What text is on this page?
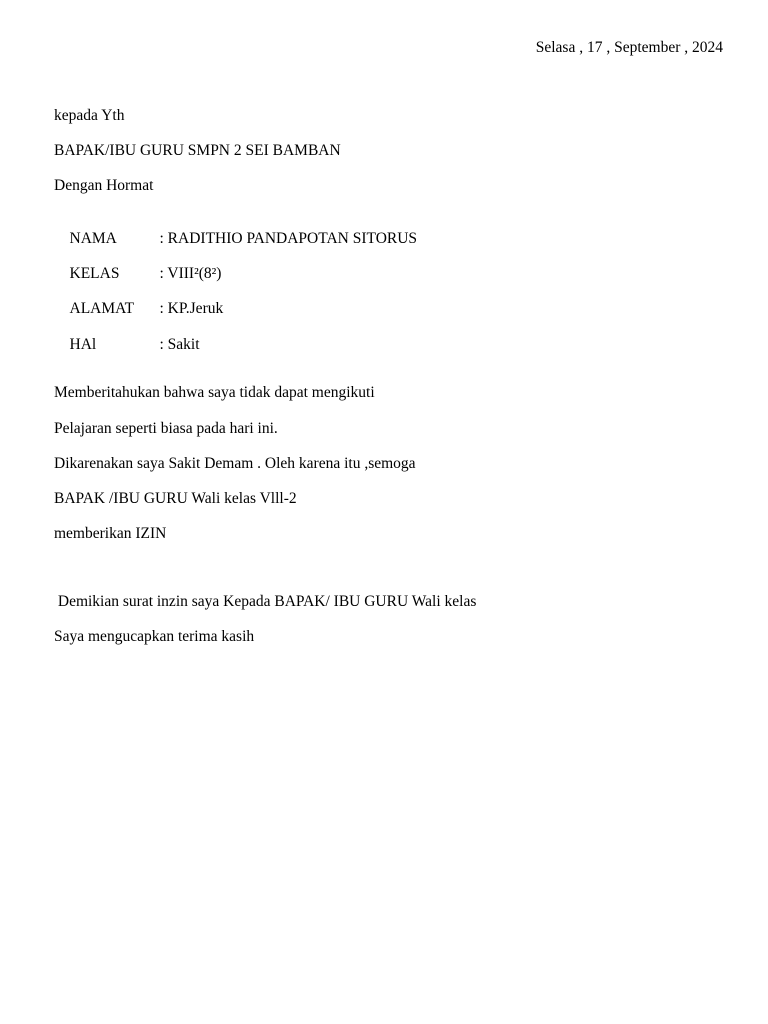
Selasa , 17 , September , 2024
kepada Yth
BAPAK/IBU GURU SMPN 2 SEI BAMBAN
Dengan Hormat

NAMA	: RADITHIO PANDAPOTAN SITORUS

KELAS	: VIII²(8²)

ALAMAT : KP.Jeruk

HAl	: Sakit

Memberitahukan bahwa saya tidak dapat mengikuti
Pelajaran seperti biasa pada hari ini.
Dikarenakan saya Sakit Demam . Oleh karena itu ,semoga
BAPAK /IBU GURU Wali kelas Vlll-2
memberikan IZIN
Demikian surat inzin saya Kepada BAPAK/ IBU GURU Wali kelas
Saya mengucapkan terima kasih
